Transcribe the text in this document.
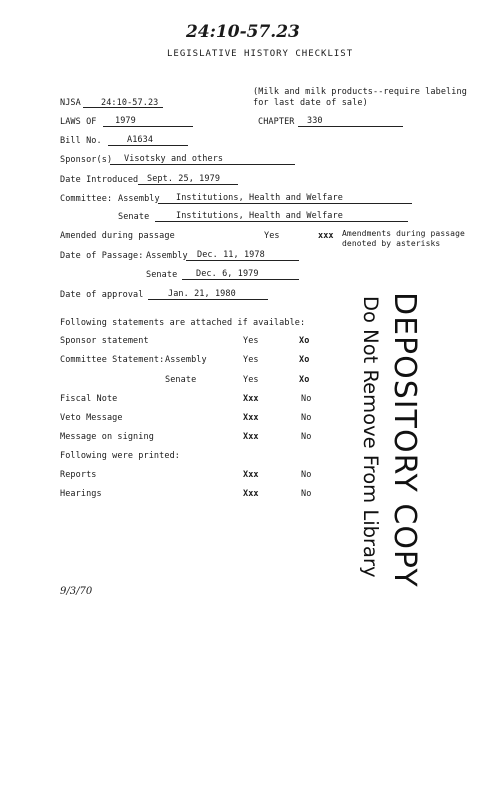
24:10-57.23
LEGISLATIVE HISTORY CHECKLIST
NJSA 24:10-57.23
(Milk and milk products--require labeling
for last date of sale)
LAWS OF 1979	CHAPTER 330
Bill No.	A1634
Sponsor(s) Visotsky and others
Date Introduced Sept. 25, 1979
Committee: Assembly Institutions, Health and Welfare
Senate	Institutions, Health and Welfare
Amended during passage	Yes	xxx Amendments during passage
denoted by asterisks
Date of Passage: Assembly Dec. 11, 1978
Senate Dec. 6, 1979
Date of approval	Jan. 21, 1980
Following statements are attached if available:
Sponsor statement	Yes	Xo
Committee Statement: Assembly	Yes	Xo
Senate	Yes	Xo
Fiscal Note	Xxx	No
Veto Message	Xxx	No
Message on signing	Xxx	No
Following were printed:
Reports	Xxx	No
Hearings	Xxx	No	DEPOSITORY COPY
Do Not Remove From Library
9/3/70
